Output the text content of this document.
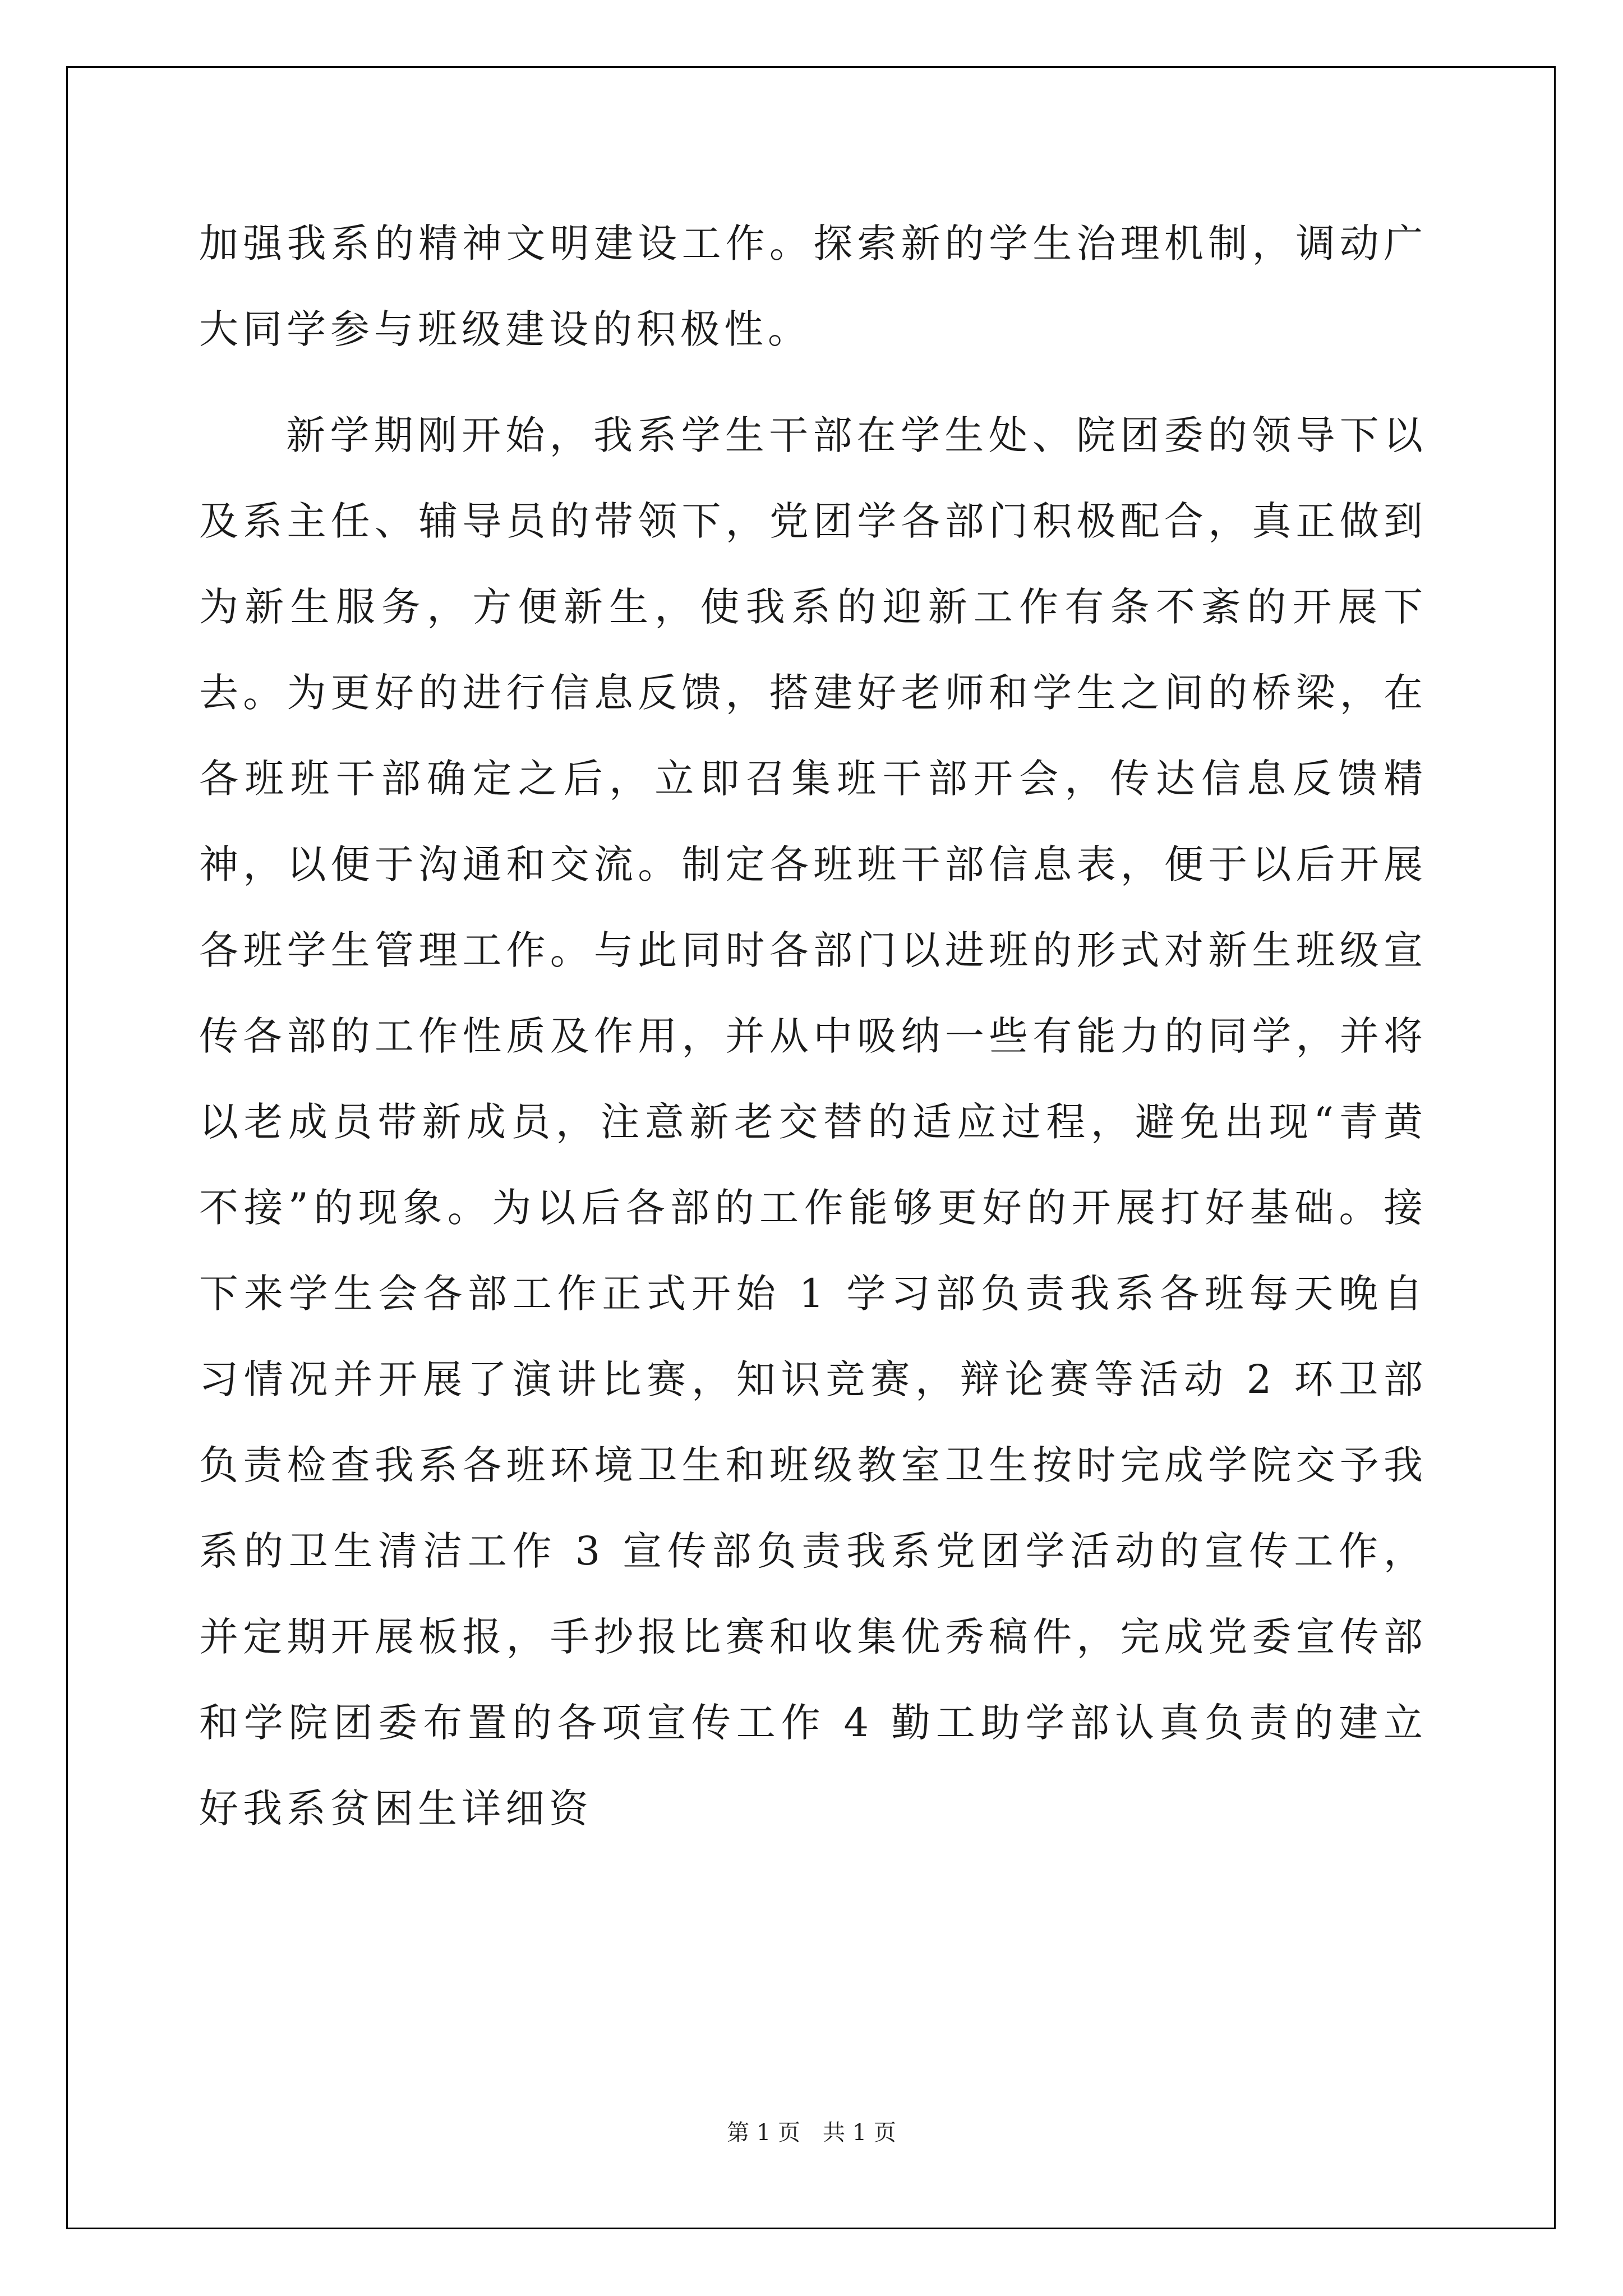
加强我系的精神文明建设工作。探索新的学生治理机制，调动广大同学参与班级建设的积极性。

新学期刚开始，我系学生干部在学生处、院团委的领导下以及系主任、辅导员的带领下，党团学各部门积极配合，真正做到为新生服务，方便新生，使我系的迎新工作有条不紊的开展下去。为更好的进行信息反馈，搭建好老师和学生之间的桥梁，在各班班干部确定之后，立即召集班干部开会，传达信息反馈精神，以便于沟通和交流。制定各班班干部信息表，便于以后开展各班学生管理工作。与此同时各部门以进班的形式对新生班级宣传各部的工作性质及作用，并从中吸纳一些有能力的同学，并将以老成员带新成员，注意新老交替的适应过程，避免出现“青黄不接”的现象。为以后各部的工作能够更好的开展打好基础。接下来学生会各部工作正式开始 1 学习部负责我系各班每天晚自习情况并开展了演讲比赛，知识竞赛，辩论赛等活动 2 环卫部负责检查我系各班环境卫生和班级教室卫生按时完成学院交予我系的卫生清洁工作 3 宣传部负责我系党团学活动的宣传工作，并定期开展板报，手抄报比赛和收集优秀稿件，完成党委宣传部和学院团委布置的各项宣传工作 4 勤工助学部认真负责的建立好我系贫困生详细资

第 1 页　共 1 页
